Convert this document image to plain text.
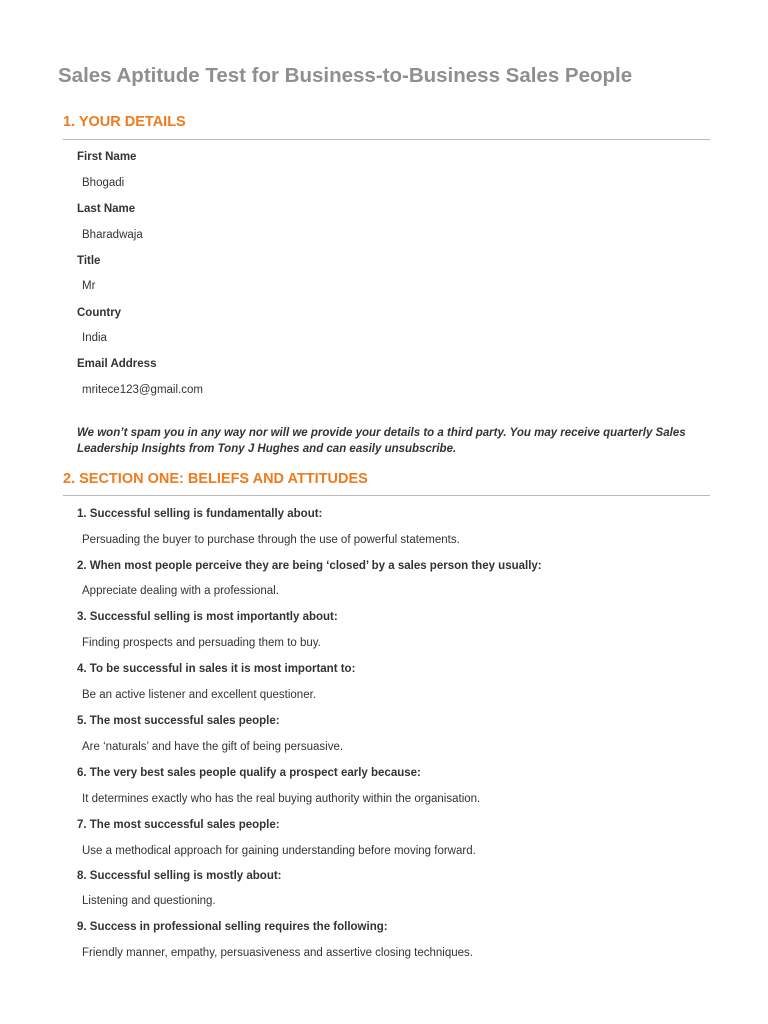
Sales Aptitude Test for Business-to-Business Sales People
1. YOUR DETAILS
First Name
Bhogadi
Last Name
Bharadwaja
Title
Mr
Country
India
Email Address
mritece123@gmail.com

We won’t spam you in any way nor will we provide your details to a third party. You may receive quarterly Sales Leadership Insights from Tony J Hughes and can easily unsubscribe.

2. SECTION ONE: BELIEFS AND ATTITUDES
1. Successful selling is fundamentally about:
Persuading the buyer to purchase through the use of powerful statements.
2. When most people perceive they are being ‘closed’ by a sales person they usually:
Appreciate dealing with a professional.
3. Successful selling is most importantly about:
Finding prospects and persuading them to buy.
4. To be successful in sales it is most important to:
Be an active listener and excellent questioner.
5. The most successful sales people:
Are ‘naturals’ and have the gift of being persuasive.
6. The very best sales people qualify a prospect early because:
It determines exactly who has the real buying authority within the organisation.
7. The most successful sales people:
Use a methodical approach for gaining understanding before moving forward.
8. Successful selling is mostly about:
Listening and questioning.
9. Success in professional selling requires the following:
Friendly manner, empathy, persuasiveness and assertive closing techniques.
